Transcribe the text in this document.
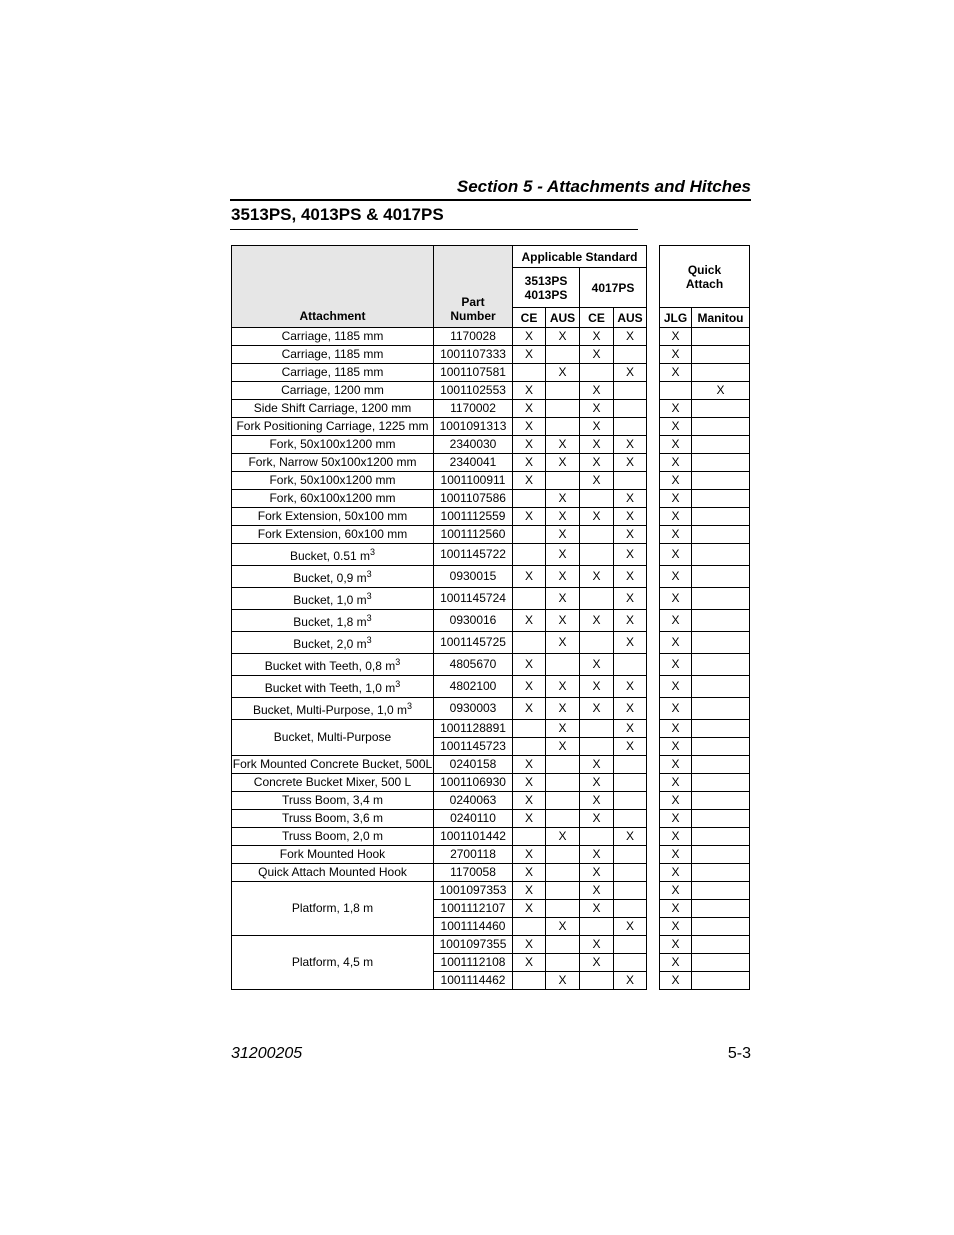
Section 5 - Attachments and Hitches
3513PS, 4013PS & 4017PS
Attachment	Part Number	Applicable Standard					Quick Attach	
		3513PS 4013PS		4017PS				
		CE	AUS	CE	AUS		JLG	Manitou
Carriage, 1185 mm	1170028	X	X	X	X		X	
Carriage, 1185 mm	1001107333	X		X			X	
Carriage, 1185 mm	1001107581		X		X		X	
Carriage, 1200 mm	1001102553	X		X				X
Side Shift Carriage, 1200 mm	1170002	X		X			X	
Fork Positioning Carriage, 1225 mm	1001091313	X		X			X	
Fork, 50x100x1200 mm	2340030	X	X	X	X		X	
Fork, Narrow 50x100x1200 mm	2340041	X	X	X	X		X	
Fork, 50x100x1200 mm	1001100911	X		X			X	
Fork, 60x100x1200 mm	1001107586		X		X		X	
Fork Extension, 50x100 mm	1001112559	X	X	X	X		X	
Fork Extension, 60x100 mm	1001112560		X		X		X	
Bucket, 0.51 $m^3$	1001145722		X		X		X	
Bucket, 0,9 $m^3$	0930015	X	X	X	X		X	
Bucket, 1,0 $m^3$	1001145724		X		X		X	
Bucket, 1,8 $m^3$	0930016	X	X	X	X		X	
Bucket, 2,0 $m^3$	1001145725		X		X		X	
Bucket with Teeth, 0,8 $m^3$	4805670	X		X			X	
Bucket with Teeth, 1,0 $m^3$	4802100	X	X	X	X		X	
Bucket, Multi-Purpose, 1,0 $m^3$	0930003	X	X	X	X		X	
Bucket, Multi-Purpose	1001128891		X		X		X	
	1001145723		X		X		X	
Fork Mounted Concrete Bucket, 500L	0240158	X		X			X	
Concrete Bucket Mixer, 500 L	1001106930	X		X			X	
Truss Boom, 3,4 m	0240063	X		X			X	
Truss Boom, 3,6 m	0240110	X		X			X	
Truss Boom, 2,0 m	1001101442		X		X		X	
Fork Mounted Hook	2700118	X		X			X	
Quick Attach Mounted Hook	1170058	X		X			X	
Platform, 1,8 m	1001097353	X		X			X	
	1001112107	X		X			X	
	1001114460		X		X		X	
Platform, 4,5 m	1001097355	X		X			X	
	1001112108	X		X			X	
	1001114462		X		X		X	
31200205	5-3
